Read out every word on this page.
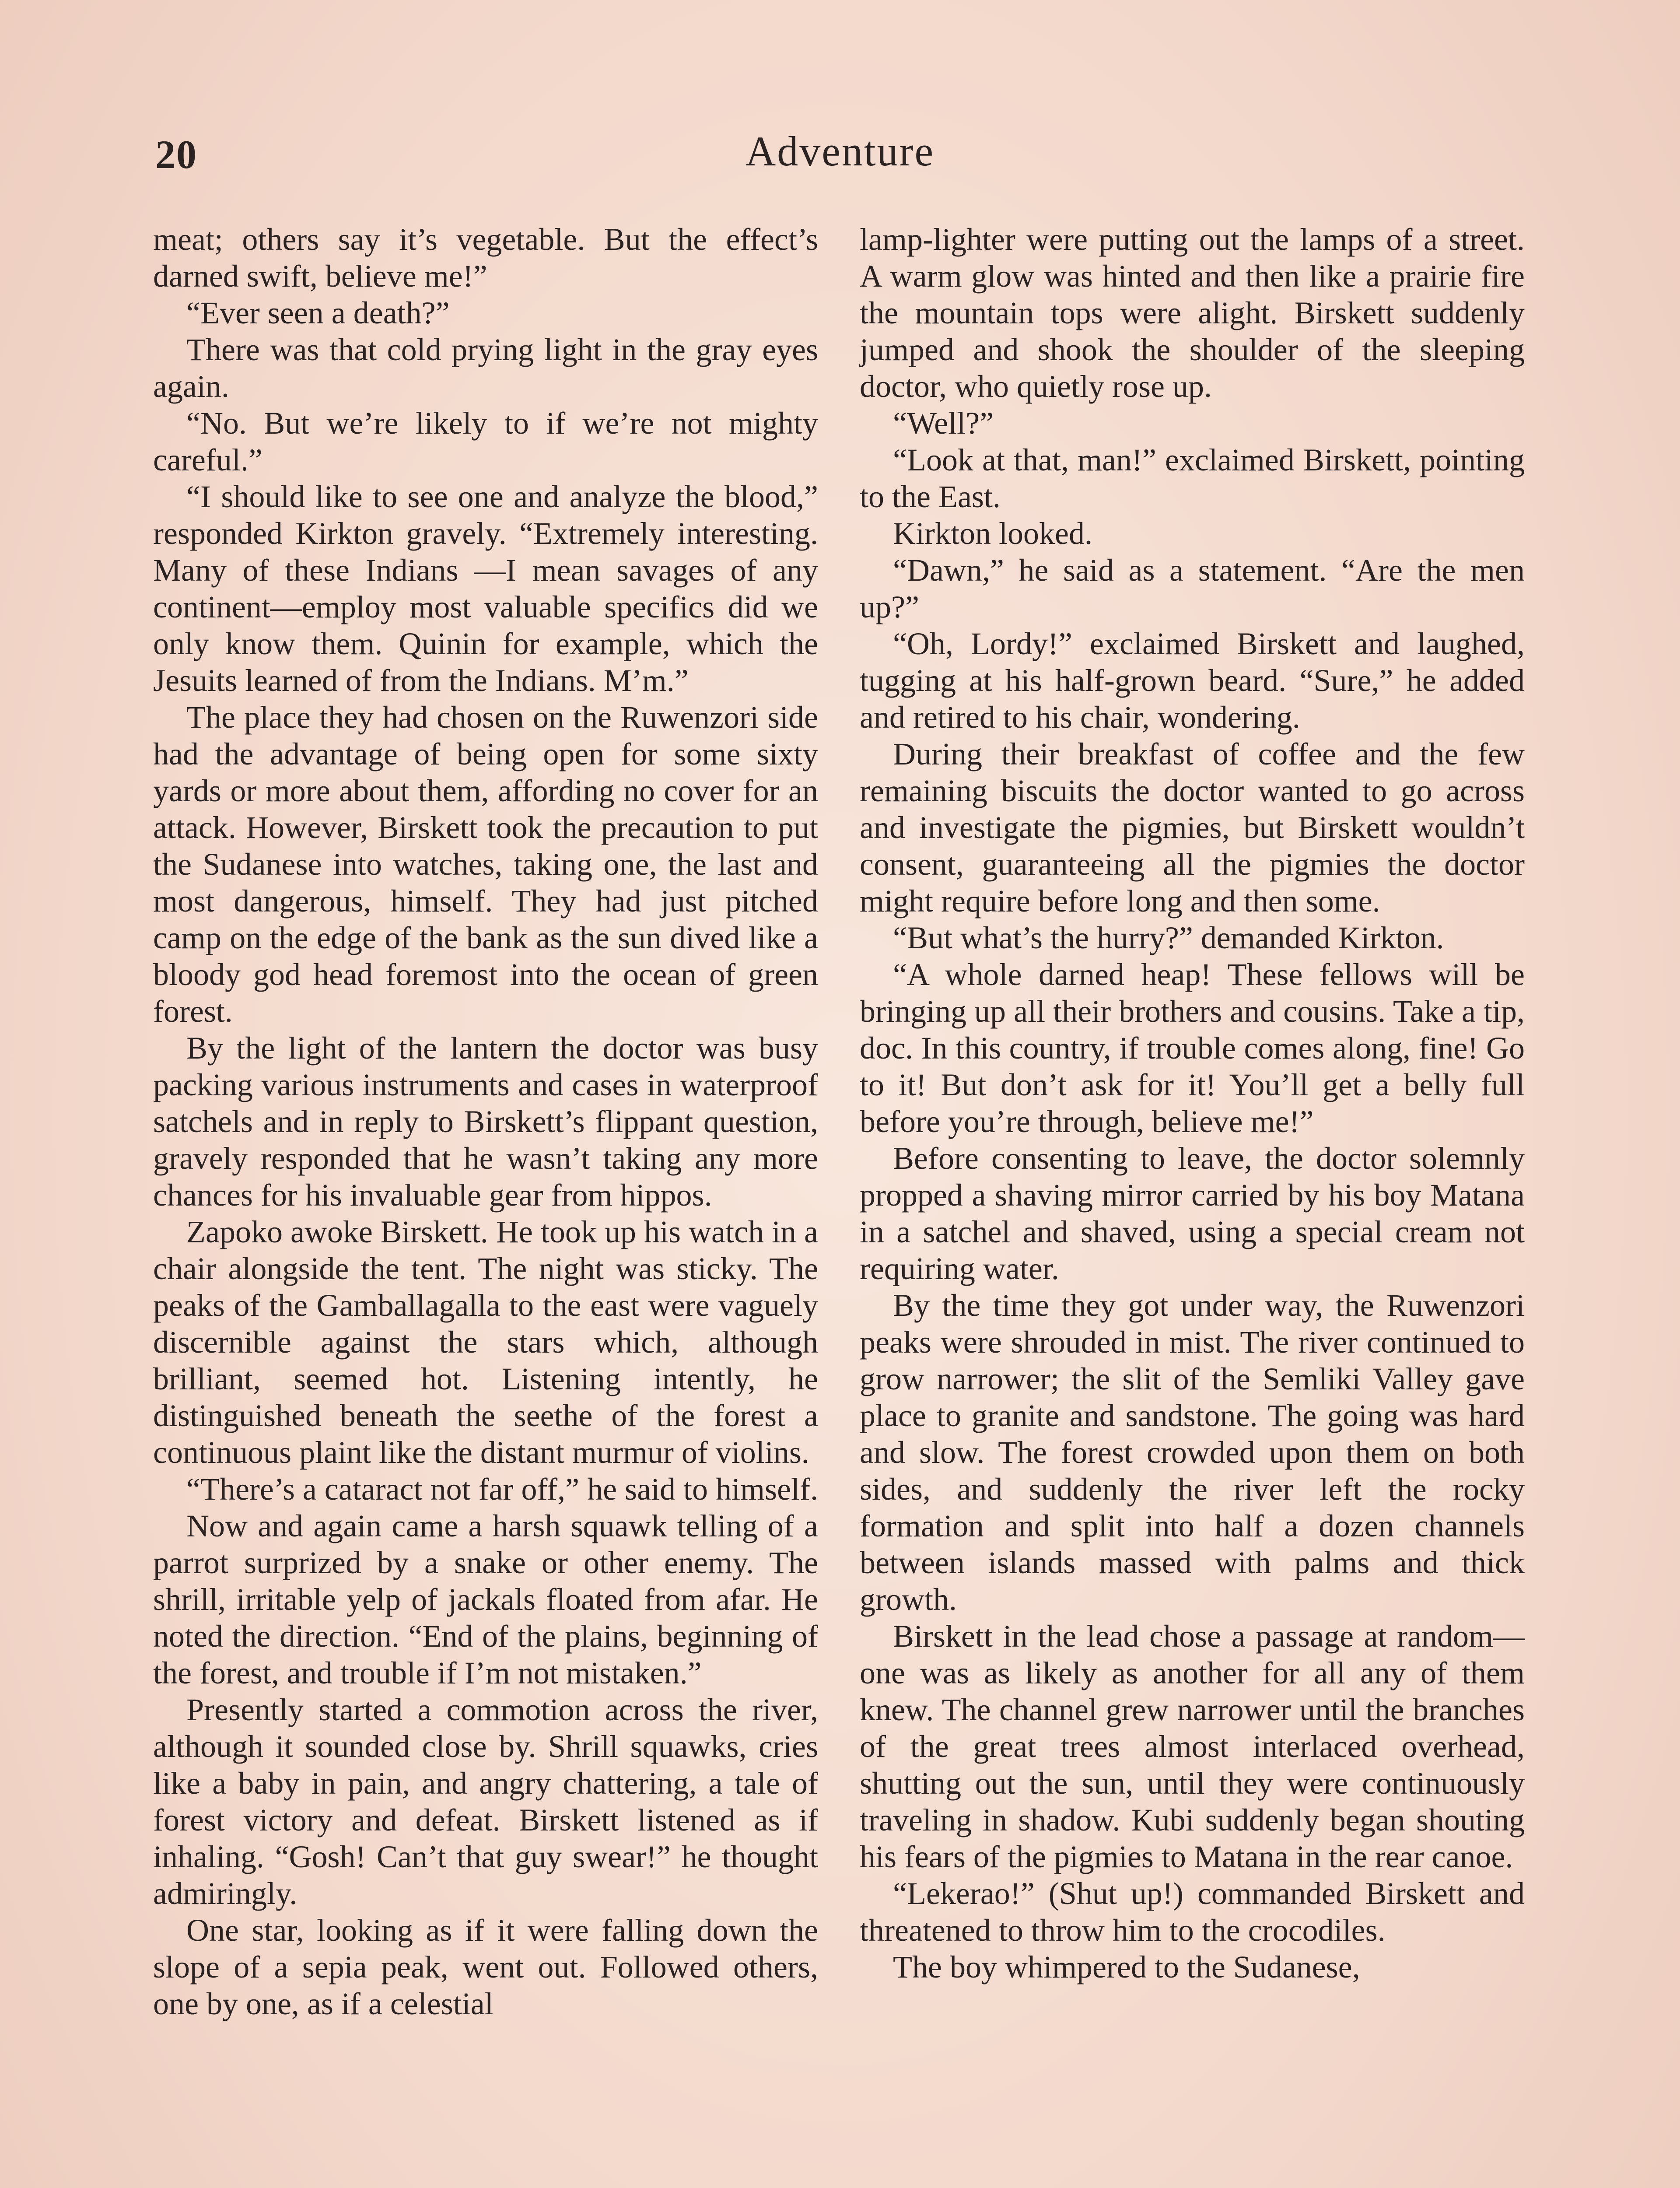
20	Adventure

meat; others say it’s vegetable. But the effect’s darned swift, believe me!”

“Ever seen a death?”

There was that cold prying light in the gray eyes again.

“No. But we’re likely to if we’re not mighty careful.”

“I should like to see one and analyze the blood,” responded Kirkton gravely. “Extremely interesting. Many of these Indians —I mean savages of any continent—employ most valuable specifics did we only know them. Quinin for example, which the Jesuits learned of from the Indians. M’m.”

The place they had chosen on the Ruwenzori side had the advantage of being open for some sixty yards or more about them, affording no cover for an attack. However, Birskett took the precaution to put the Sudanese into watches, taking one, the last and most dangerous, himself. They had just pitched camp on the edge of the bank as the sun dived like a bloody god head foremost into the ocean of green forest.

By the light of the lantern the doctor was busy packing various instruments and cases in waterproof satchels and in reply to Birskett’s flippant question, gravely responded that he wasn’t taking any more chances for his invaluable gear from hippos.

Zapoko awoke Birskett. He took up his watch in a chair alongside the tent. The night was sticky. The peaks of the Gamballagalla to the east were vaguely discernible against the stars which, although brilliant, seemed hot. Listening intently, he distinguished beneath the seethe of the forest a continuous plaint like the distant murmur of violins.

“There’s a cataract not far off,” he said to himself.

Now and again came a harsh squawk telling of a parrot surprized by a snake or other enemy. The shrill, irritable yelp of jackals floated from afar. He noted the direction. “End of the plains, beginning of the forest, and trouble if I’m not mistaken.”

Presently started a commotion across the river, although it sounded close by. Shrill squawks, cries like a baby in pain, and angry chattering, a tale of forest victory and defeat. Birskett listened as if inhaling. “Gosh! Can’t that guy swear!” he thought admiringly.

One star, looking as if it were falling down the slope of a sepia peak, went out. Followed others, one by one, as if a celestial

lamp-lighter were putting out the lamps of a street. A warm glow was hinted and then like a prairie fire the mountain tops were alight. Birskett suddenly jumped and shook the shoulder of the sleeping doctor, who quietly rose up.

“Well?”

“Look at that, man!” exclaimed Birskett, pointing to the East.

Kirkton looked.

“Dawn,” he said as a statement. “Are the men up?”

“Oh, Lordy!” exclaimed Birskett and laughed, tugging at his half-grown beard. “Sure,” he added and retired to his chair, wondering.

During their breakfast of coffee and the few remaining biscuits the doctor wanted to go across and investigate the pigmies, but Birskett wouldn’t consent, guaranteeing all the pigmies the doctor might require before long and then some.

“But what’s the hurry?” demanded Kirkton.

“A whole darned heap! These fellows will be bringing up all their brothers and cousins. Take a tip, doc. In this country, if trouble comes along, fine! Go to it! But don’t ask for it! You’ll get a belly full before you’re through, believe me!”

Before consenting to leave, the doctor solemnly propped a shaving mirror carried by his boy Matana in a satchel and shaved, using a special cream not requiring water.

By the time they got under way, the Ruwenzori peaks were shrouded in mist. The river continued to grow narrower; the slit of the Semliki Valley gave place to granite and sandstone. The going was hard and slow. The forest crowded upon them on both sides, and suddenly the river left the rocky formation and split into half a dozen channels between islands massed with palms and thick growth.

Birskett in the lead chose a passage at random—one was as likely as another for all any of them knew. The channel grew narrower until the branches of the great trees almost interlaced overhead, shutting out the sun, until they were continuously traveling in shadow. Kubi suddenly began shouting his fears of the pigmies to Matana in the rear canoe.

“Lekerao!” (Shut up!) commanded Birskett and threatened to throw him to the crocodiles.

The boy whimpered to the Sudanese,
